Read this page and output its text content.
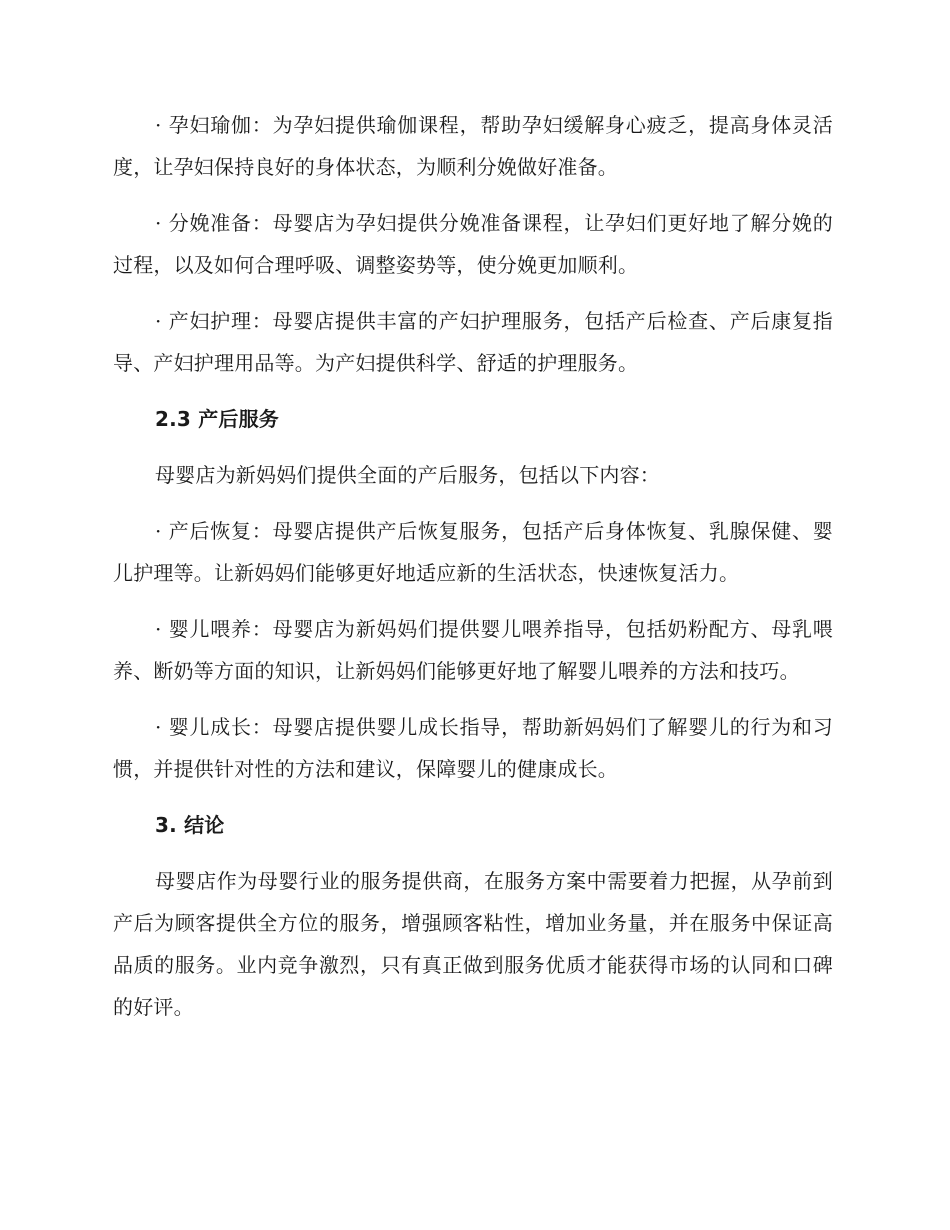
· 孕妇瑜伽：为孕妇提供瑜伽课程，帮助孕妇缓解身心疲乏，提高身体灵活度，让孕妇保持良好的身体状态，为顺利分娩做好准备。

· 分娩准备：母婴店为孕妇提供分娩准备课程，让孕妇们更好地了解分娩的过程，以及如何合理呼吸、调整姿势等，使分娩更加顺利。

· 产妇护理：母婴店提供丰富的产妇护理服务，包括产后检查、产后康复指导、产妇护理用品等。为产妇提供科学、舒适的护理服务。

2.3 产后服务

母婴店为新妈妈们提供全面的产后服务，包括以下内容：

· 产后恢复：母婴店提供产后恢复服务，包括产后身体恢复、乳腺保健、婴儿护理等。让新妈妈们能够更好地适应新的生活状态，快速恢复活力。

· 婴儿喂养：母婴店为新妈妈们提供婴儿喂养指导，包括奶粉配方、母乳喂养、断奶等方面的知识，让新妈妈们能够更好地了解婴儿喂养的方法和技巧。

· 婴儿成长：母婴店提供婴儿成长指导，帮助新妈妈们了解婴儿的行为和习惯，并提供针对性的方法和建议，保障婴儿的健康成长。

3. 结论

母婴店作为母婴行业的服务提供商，在服务方案中需要着力把握，从孕前到产后为顾客提供全方位的服务，增强顾客粘性，增加业务量，并在服务中保证高品质的服务。业内竞争激烈，只有真正做到服务优质才能获得市场的认同和口碑的好评。
